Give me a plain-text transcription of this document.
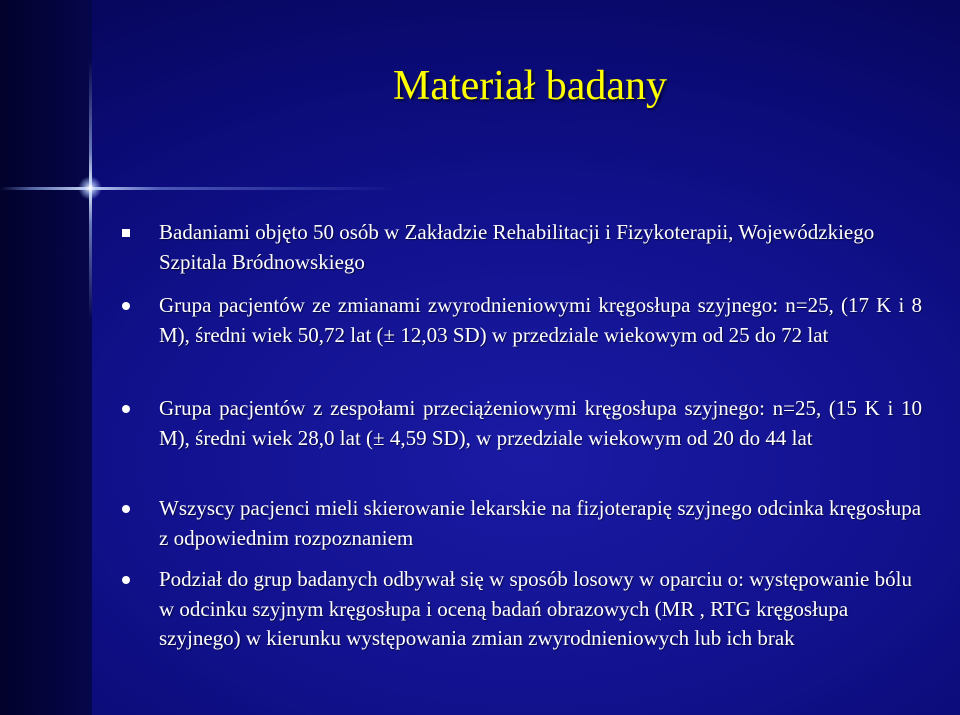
Materiał badany
Badaniami objęto 50 osób w Zakładzie Rehabilitacji i Fizykoterapii, Wojewódzkiego Szpitala Bródnowskiego
Grupa pacjentów ze zmianami zwyrodnieniowymi kręgosłupa szyjnego: n=25, (17 K i 8 M), średni wiek 50,72 lat (± 12,03 SD) w przedziale wiekowym od 25 do 72 lat
Grupa pacjentów z zespołami przeciążeniowymi kręgosłupa szyjnego: n=25, (15 K i 10 M), średni wiek 28,0 lat (± 4,59 SD), w przedziale wiekowym od 20 do 44 lat
Wszyscy pacjenci mieli skierowanie lekarskie na fizjoterapię szyjnego odcinka kręgosłupa z odpowiednim rozpoznaniem
Podział do grup badanych odbywał się w sposób losowy w oparciu o: występowanie bólu w odcinku szyjnym kręgosłupa i oceną badań obrazowych (MR , RTG kręgosłupa szyjnego) w kierunku występowania zmian zwyrodnieniowych lub ich brak
